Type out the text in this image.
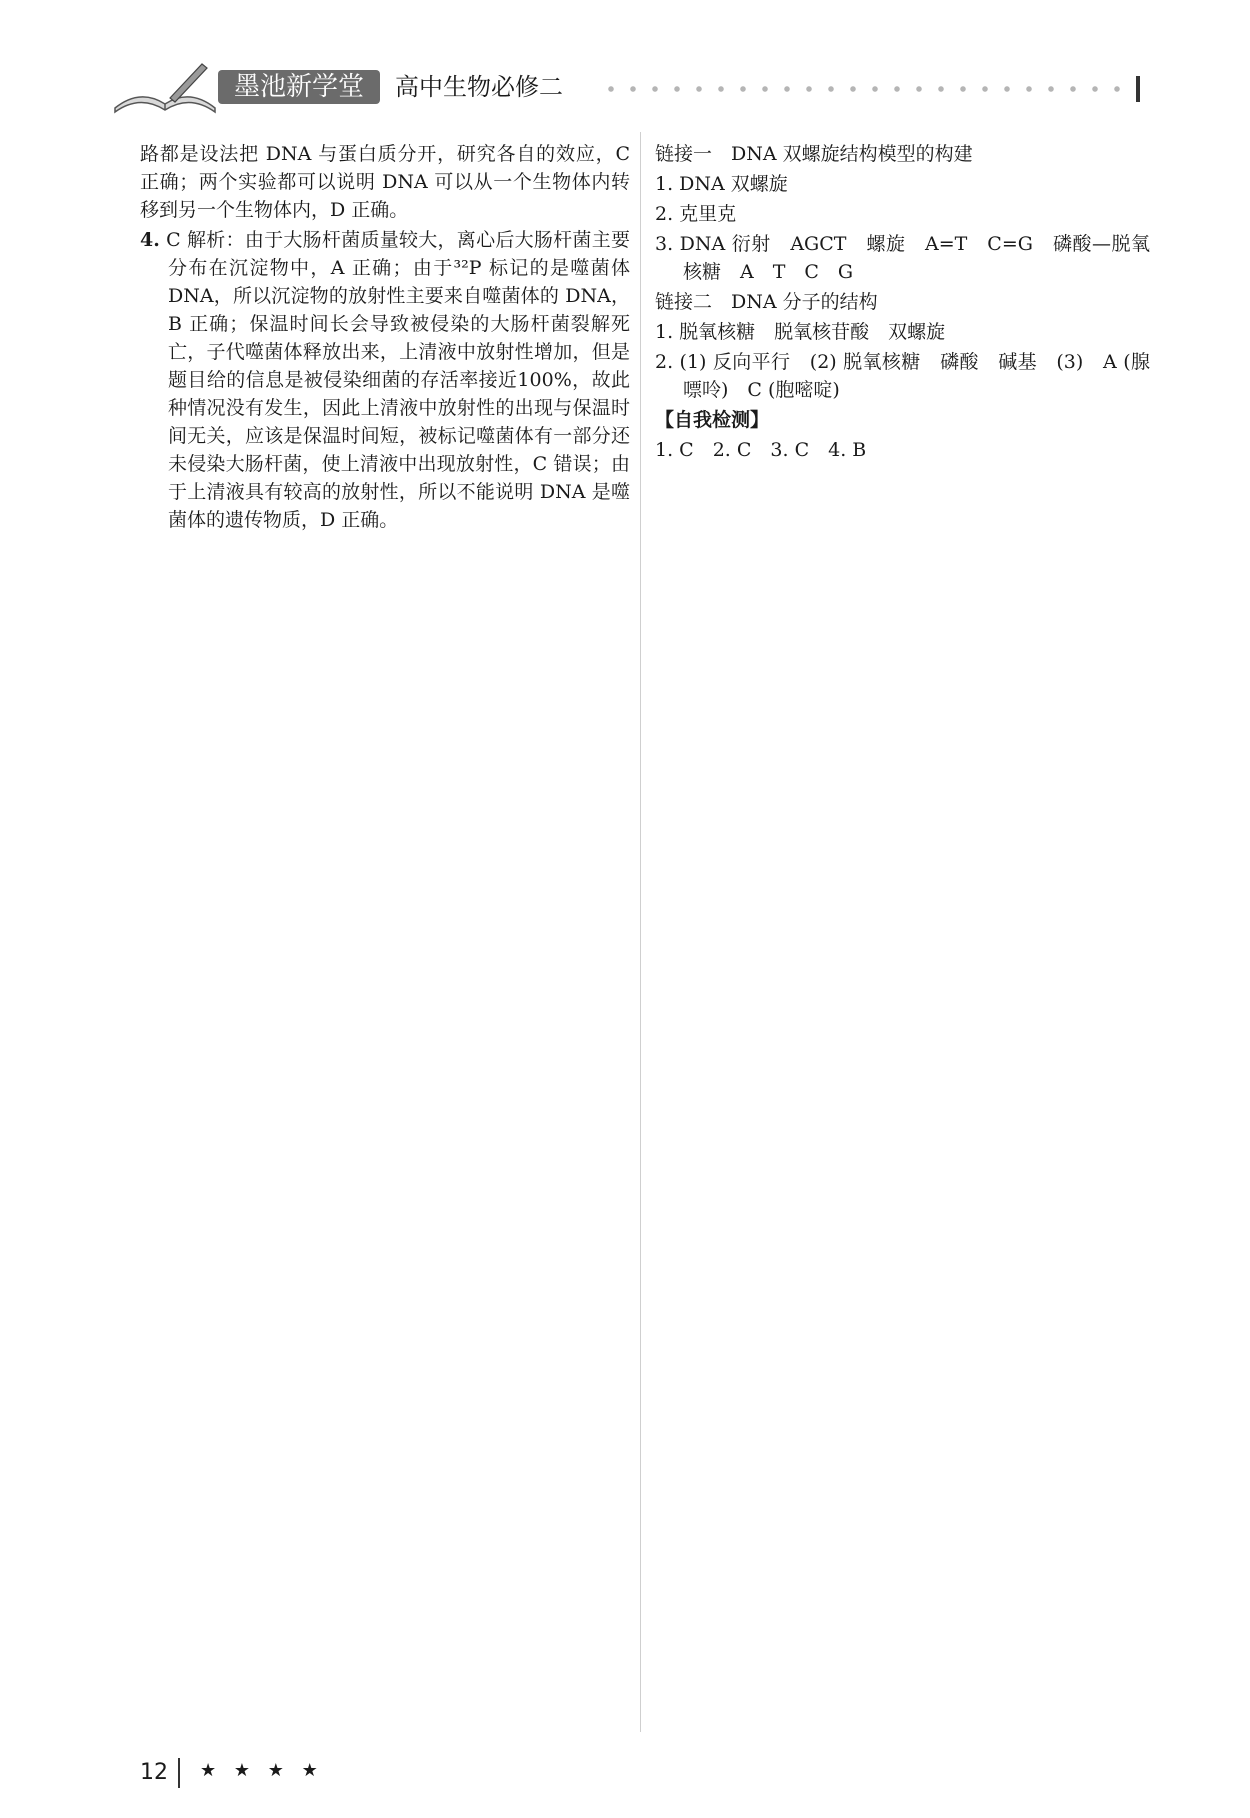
墨池新学堂	高中生物必修二

路都是设法把 DNA 与蛋白质分开，研究各自的效应，C 正确；两个实验都可以说明 DNA 可以从一个生物体内转移到另一个生物体内，D 正确。

4. C 解析：由于大肠杆菌质量较大，离心后大肠杆菌主要分布在沉淀物中，A 正确；由于³²P 标记的是噬菌体 DNA，所以沉淀物的放射性主要来自噬菌体的 DNA，B 正确；保温时间长会导致被侵染的大肠杆菌裂解死亡，子代噬菌体释放出来，上清液中放射性增加，但是题目给的信息是被侵染细菌的存活率接近100%，故此种情况没有发生，因此上清液中放射性的出现与保温时间无关，应该是保温时间短，被标记噬菌体有一部分还未侵染大肠杆菌，使上清液中出现放射性，C 错误；由于上清液具有较高的放射性，所以不能说明 DNA 是噬菌体的遗传物质，D 正确。

链接一　DNA 双螺旋结构模型的构建

1. DNA 双螺旋

2. 克里克

3. DNA 衍射　AGCT　螺旋　A=T　C=G　磷酸—脱氧核糖　A　T　C　G

链接二　DNA 分子的结构

1. 脱氧核糖　脱氧核苷酸　双螺旋

2. (1) 反向平行　(2) 脱氧核糖　磷酸　碱基　(3)　A (腺嘌呤)　C (胞嘧啶)

【自我检测】

1. C　2. C　3. C　4. B

12 ★ ★ ★ ★
